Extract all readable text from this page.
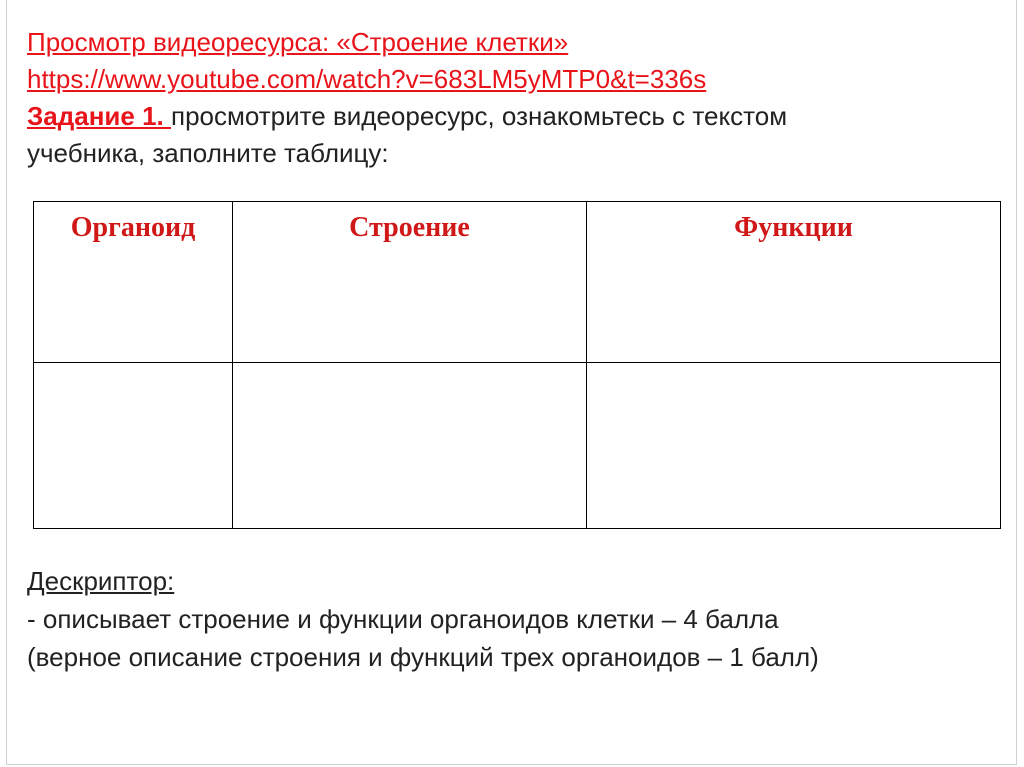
Просмотр видеоресурса: «Строение клетки»
https://www.youtube.com/watch?v=683LM5yMTP0&t=336s
Задание 1. просмотрите видеоресурс, ознакомьтесь с текстом
учебника, заполните таблицу:
Органоид	Строение	Функции

Дескриптор:
- описывает строение и функции органоидов клетки – 4 балла
(верное описание строения и функций трех органоидов – 1 балл)
